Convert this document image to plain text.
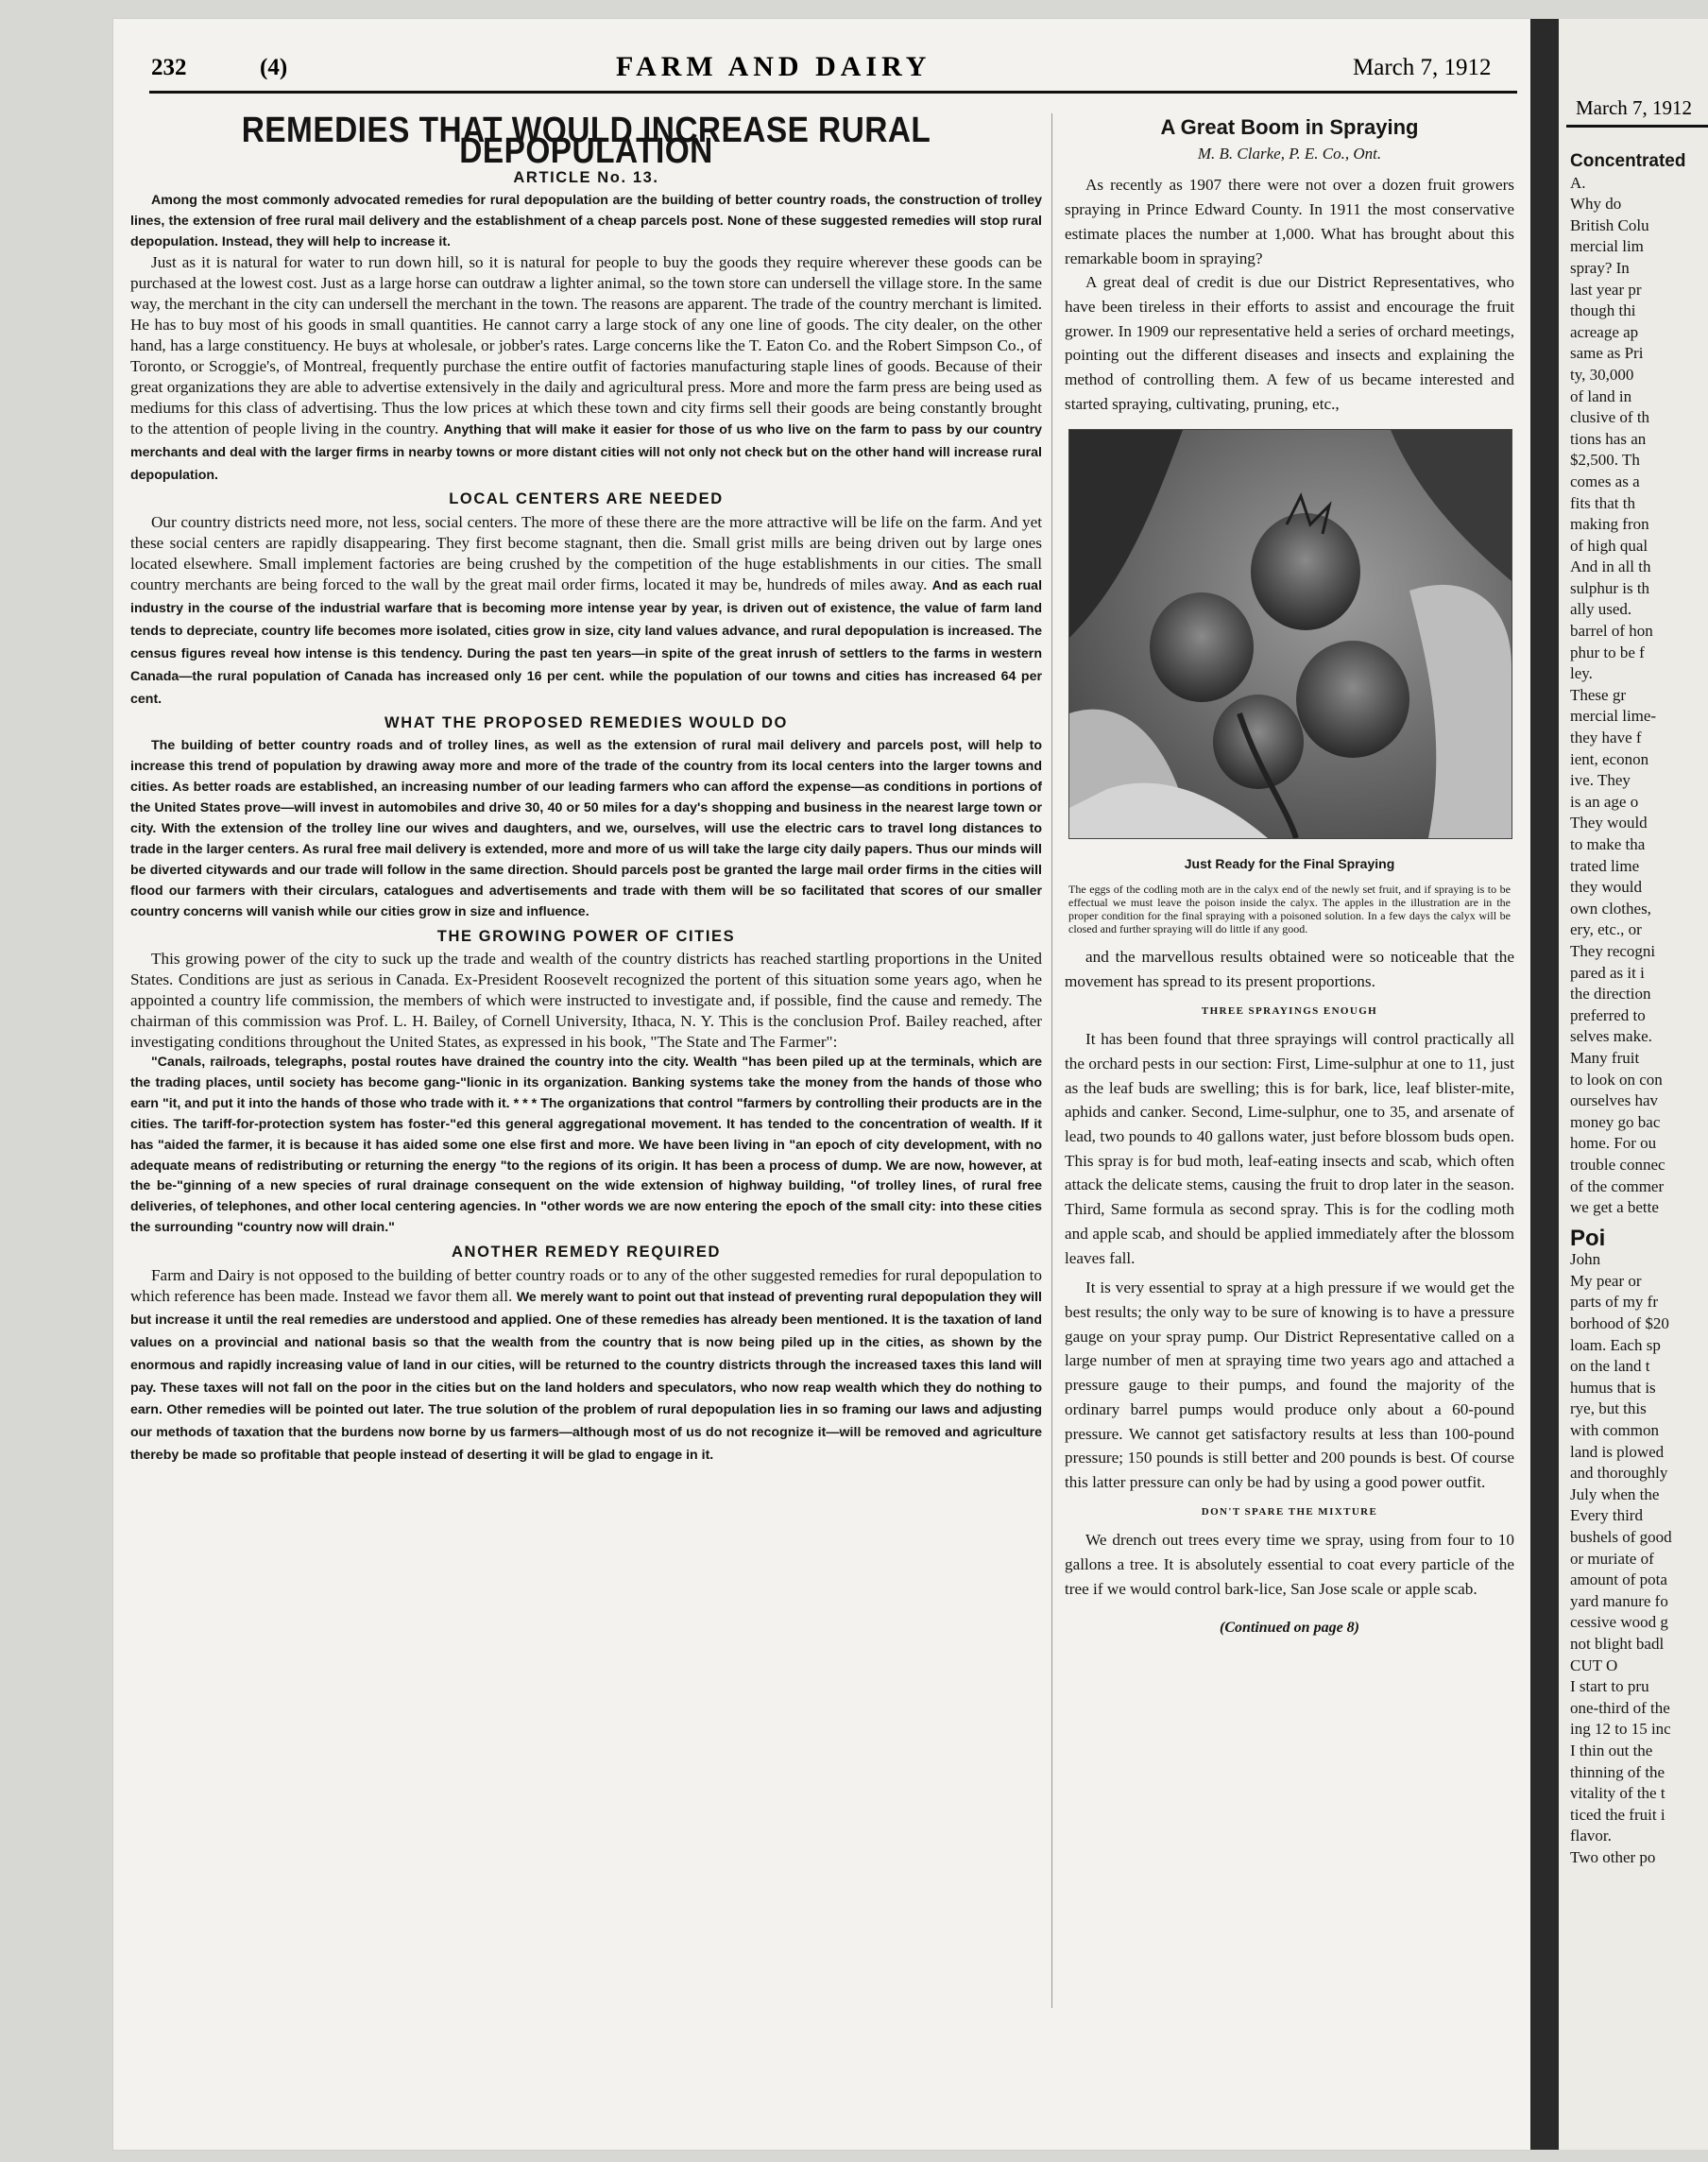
March 7, 1912
Concentrated
A.
Why do
British Colu
mercial lim
spray? In
last year pr
though thi
acreage ap
same as Pri
ty, 30,000
of land in
clusive of th
tions has an
$2,500. Th
comes as a
fits that th
making fron
of high qual
And in all th
sulphur is th
ally used.
barrel of hon
phur to be f
ley.
These gr
mercial lime-
they have f
ient, econon
ive. They
is an age o
They would
to make tha
trated lime
they would
own clothes,
ery, etc., or
They recogni
pared as it i
the direction
preferred to
selves make.
Many fruit
to look on con
ourselves hav
money go bac
home. For ou
trouble connec
of the commer
we get a bette
Poi
John
My pear or
parts of my fr
borhood of $20
loam. Each sp
on the land t
humus that is
rye, but this
with common
land is plowed
and thoroughly
July when the
Every third
bushels of good
or muriate of
amount of pota
yard manure fo
cessive wood g
not blight badl
CUT O
I start to pru
one-third of the
ing 12 to 15 inc
I thin out the
thinning of the
vitality of the t
ticed the fruit i
flavor.
Two other po
232	(4)	FARM AND DAIRY	March 7, 1912
REMEDIES THAT WOULD INCREASE RURAL DEPOPULATION
ARTICLE No. 13.

Among the most commonly advocated remedies for rural depopulation are the building of better country roads, the construction of trolley lines, the extension of free rural mail delivery and the establishment of a cheap parcels post. None of these suggested remedies will stop rural depopulation. Instead, they will help to increase it.

Just as it is natural for water to run down hill, so it is natural for people to buy the goods they require wherever these goods can be purchased at the lowest cost. Just as a large horse can outdraw a lighter animal, so the town store can undersell the village store. In the same way, the merchant in the city can undersell the merchant in the town. The reasons are apparent. The trade of the country merchant is limited. He has to buy most of his goods in small quantities. He cannot carry a large stock of any one line of goods. The city dealer, on the other hand, has a large constituency. He buys at wholesale, or jobber's rates. Large concerns like the T. Eaton Co. and the Robert Simpson Co., of Toronto, or Scroggie's, of Montreal, frequently purchase the entire outfit of factories manufacturing staple lines of goods. Because of their great organizations they are able to advertise extensively in the daily and agricultural press. More and more the farm press are being used as mediums for this class of advertising. Thus the low prices at which these town and city firms sell their goods are being constantly brought to the attention of people living in the country. Anything that will make it easier for those of us who live on the farm to pass by our country merchants and deal with the larger firms in nearby towns or more distant cities will not only not check but on the other hand will increase rural depopulation.

LOCAL CENTERS ARE NEEDED

Our country districts need more, not less, social centers. The more of these there are the more attractive will be life on the farm. And yet these social centers are rapidly disappearing. They first become stagnant, then die. Small grist mills are being driven out by large ones located elsewhere. Small implement factories are being crushed by the competition of the huge establishments in our cities. The small country merchants are being forced to the wall by the great mail order firms, located it may be, hundreds of miles away. And as each rual industry in the course of the industrial warfare that is becoming more intense year by year, is driven out of existence, the value of farm land tends to depreciate, country life becomes more isolated, cities grow in size, city land values advance, and rural depopulation is increased. The census figures reveal how intense is this tendency. During the past ten years—in spite of the great inrush of settlers to the farms in western Canada—the rural population of Canada has increased only 16 per cent. while the population of our towns and cities has increased 64 per cent.

WHAT THE PROPOSED REMEDIES WOULD DO

The building of better country roads and of trolley lines, as well as the extension of rural mail delivery and parcels post, will help to increase this trend of population by drawing away more and more of the trade of the country from its local centers into the larger towns and cities. As better roads are established, an increasing number of our leading farmers who can afford the expense—as conditions in portions of the United States prove—will invest in automobiles and drive 30, 40 or 50 miles for a day's shopping and business in the nearest large town or city. With the extension of the trolley line our wives and daughters, and we, ourselves, will use the electric cars to travel long distances to trade in the larger centers. As rural free mail delivery is extended, more and more of us will take the large city daily papers. Thus our minds will be diverted citywards and our trade will follow in the same direction. Should parcels post be granted the large mail order firms in the cities will flood our farmers with their circulars, catalogues and advertisements and trade with them will be so facilitated that scores of our smaller country concerns will vanish while our cities grow in size and influence.

THE GROWING POWER OF CITIES

This growing power of the city to suck up the trade and wealth of the country districts has reached startling proportions in the United States. Conditions are just as serious in Canada. Ex-President Roosevelt recognized the portent of this situation some years ago, when he appointed a country life commission, the members of which were instructed to investigate and, if possible, find the cause and remedy. The chairman of this commission was Prof. L. H. Bailey, of Cornell University, Ithaca, N. Y. This is the conclusion Prof. Bailey reached, after investigating conditions throughout the United States, as expressed in his book, "The State and The Farmer":

"Canals, railroads, telegraphs, postal routes have drained the country into the city. Wealth "has been piled up at the terminals, which are the trading places, until society has become gang-"lionic in its organization. Banking systems take the money from the hands of those who earn "it, and put it into the hands of those who trade with it. * * * The organizations that control "farmers by controlling their products are in the cities. The tariff-for-protection system has foster-"ed this general aggregational movement. It has tended to the concentration of wealth. If it has "aided the farmer, it is because it has aided some one else first and more. We have been living in "an epoch of city development, with no adequate means of redistributing or returning the energy "to the regions of its origin. It has been a process of dump. We are now, however, at the be-"ginning of a new species of rural drainage consequent on the wide extension of highway building, "of trolley lines, of rural free deliveries, of telephones, and other local centering agencies. In "other words we are now entering the epoch of the small city: into these cities the surrounding "country now will drain."

ANOTHER REMEDY REQUIRED

Farm and Dairy is not opposed to the building of better country roads or to any of the other suggested remedies for rural depopulation to which reference has been made. Instead we favor them all. We merely want to point out that instead of preventing rural depopulation they will but increase it until the real remedies are understood and applied. One of these remedies has already been mentioned. It is the taxation of land values on a provincial and national basis so that the wealth from the country that is now being piled up in the cities, as shown by the enormous and rapidly increasing value of land in our cities, will be returned to the country districts through the increased taxes this land will pay. These taxes will not fall on the poor in the cities but on the land holders and speculators, who now reap wealth which they do nothing to earn. Other remedies will be pointed out later. The true solution of the problem of rural depopulation lies in so framing our laws and adjusting our methods of taxation that the burdens now borne by us farmers—although most of us do not recognize it—will be removed and agriculture thereby be made so profitable that people instead of deserting it will be glad to engage in it.

A Great Boom in Spraying
M. B. Clarke, P. E. Co., Ont.

As recently as 1907 there were not over a dozen fruit growers spraying in Prince Edward County. In 1911 the most conservative estimate places the number at 1,000. What has brought about this remarkable boom in spraying?

A great deal of credit is due our District Representatives, who have been tireless in their efforts to assist and encourage the fruit grower. In 1909 our representative held a series of orchard meetings, pointing out the different diseases and insects and explaining the method of controlling them. A few of us became interested and started spraying, cultivating, pruning, etc.,

Just Ready for the Final Spraying

The eggs of the codling moth are in the calyx end of the newly set fruit, and if spraying is to be effectual we must leave the poison inside the calyx. The apples in the illustration are in the proper condition for the final spraying with a poisoned solution. In a few days the calyx will be closed and further spraying will do little if any good.

and the marvellous results obtained were so noticeable that the movement has spread to its present proportions.

THREE SPRAYINGS ENOUGH

It has been found that three sprayings will control practically all the orchard pests in our section: First, Lime-sulphur at one to 11, just as the leaf buds are swelling; this is for bark, lice, leaf blister-mite, aphids and canker. Second, Lime-sulphur, one to 35, and arsenate of lead, two pounds to 40 gallons water, just before blossom buds open. This spray is for bud moth, leaf-eating insects and scab, which often attack the delicate stems, causing the fruit to drop later in the season. Third, Same formula as second spray. This is for the codling moth and apple scab, and should be applied immediately after the blossom leaves fall.

It is very essential to spray at a high pressure if we would get the best results; the only way to be sure of knowing is to have a pressure gauge on your spray pump. Our District Representative called on a large number of men at spraying time two years ago and attached a pressure gauge to their pumps, and found the majority of the ordinary barrel pumps would produce only about a 60-pound pressure. We cannot get satisfactory results at less than 100-pound pressure; 150 pounds is still better and 200 pounds is best. Of course this latter pressure can only be had by using a good power outfit.

DON'T SPARE THE MIXTURE

We drench out trees every time we spray, using from four to 10 gallons a tree. It is absolutely essential to coat every particle of the tree if we would control bark-lice, San Jose scale or apple scab.

(Continued on page 8)
